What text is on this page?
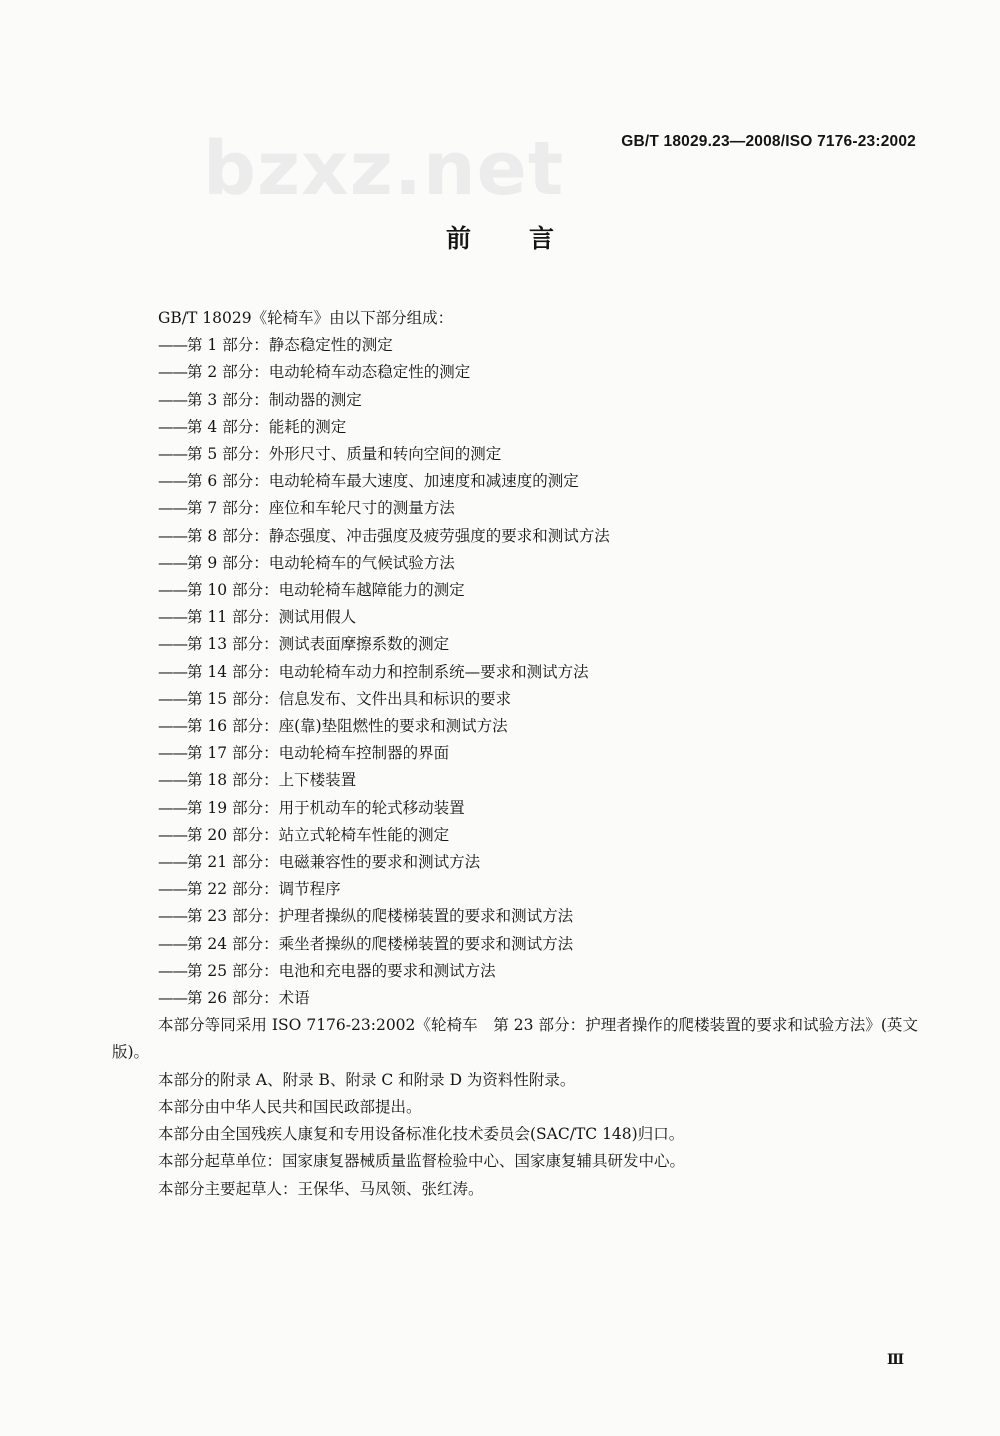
bzxz.net	GB/T 18029.23—2008/ISO 7176-23:2002
前言
GB/T 18029《轮椅车》由以下部分组成：
——第 1 部分：静态稳定性的测定
——第 2 部分：电动轮椅车动态稳定性的测定
——第 3 部分：制动器的测定
——第 4 部分：能耗的测定
——第 5 部分：外形尺寸、质量和转向空间的测定
——第 6 部分：电动轮椅车最大速度、加速度和减速度的测定
——第 7 部分：座位和车轮尺寸的测量方法
——第 8 部分：静态强度、冲击强度及疲劳强度的要求和测试方法
——第 9 部分：电动轮椅车的气候试验方法
——第 10 部分：电动轮椅车越障能力的测定
——第 11 部分：测试用假人
——第 13 部分：测试表面摩擦系数的测定
——第 14 部分：电动轮椅车动力和控制系统—要求和测试方法
——第 15 部分：信息发布、文件出具和标识的要求
——第 16 部分：座(靠)垫阻燃性的要求和测试方法
——第 17 部分：电动轮椅车控制器的界面
——第 18 部分：上下楼装置
——第 19 部分：用于机动车的轮式移动装置
——第 20 部分：站立式轮椅车性能的测定
——第 21 部分：电磁兼容性的要求和测试方法
——第 22 部分：调节程序
——第 23 部分：护理者操纵的爬楼梯装置的要求和测试方法
——第 24 部分：乘坐者操纵的爬楼梯装置的要求和测试方法
——第 25 部分：电池和充电器的要求和测试方法
——第 26 部分：术语

本部分等同采用 ISO 7176-23:2002《轮椅车　第 23 部分：护理者操作的爬楼装置的要求和试验方法》(英文版)。

本部分的附录 A、附录 B、附录 C 和附录 D 为资料性附录。

本部分由中华人民共和国民政部提出。

本部分由全国残疾人康复和专用设备标准化技术委员会(SAC/TC 148)归口。

本部分起草单位：国家康复器械质量监督检验中心、国家康复辅具研发中心。

本部分主要起草人：王保华、马凤领、张红涛。

Ⅲ
